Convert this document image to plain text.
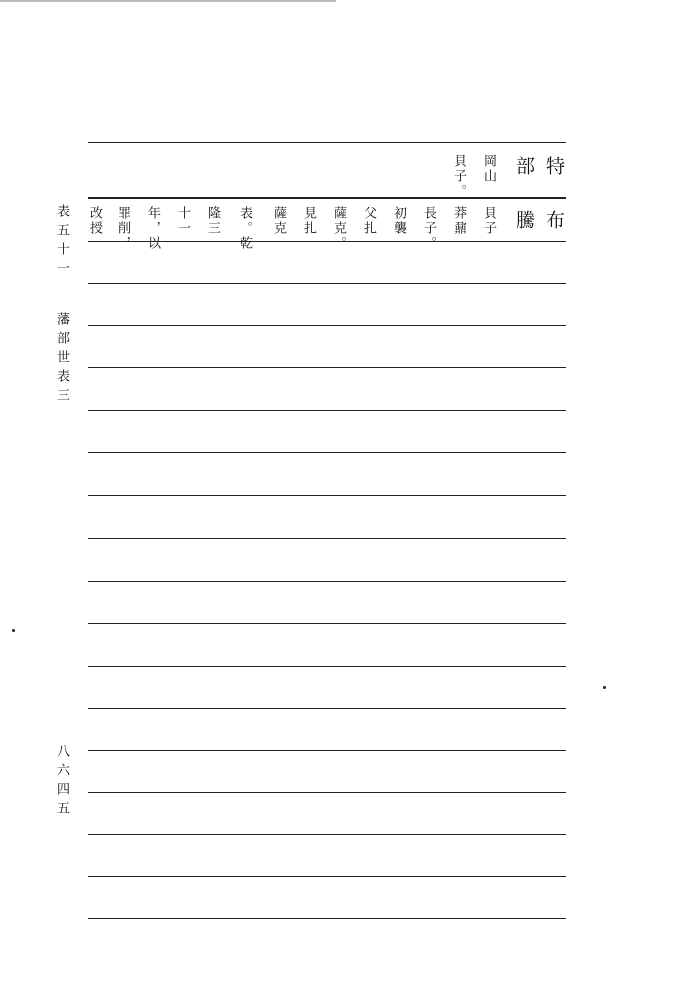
特
部
岡山
貝子。
布
騰
貝子
莽鼐
長子。
初襲
父扎
薩克。
見扎
薩克
表。乾
隆三
十一
年，以
罪削，
改授
表五十一
藩部世表三
八六四五
